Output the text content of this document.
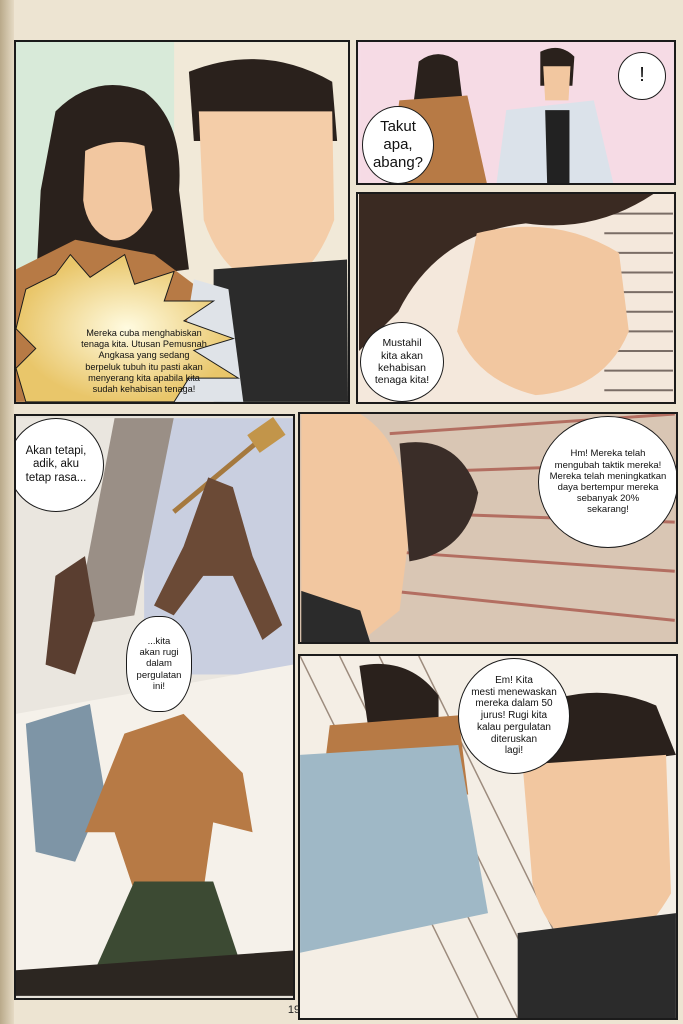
Mereka cuba menghabiskan
tenaga kita. Utusan Pemusnah
Angkasa yang sedang
berpeluk tubuh itu pasti akan
menyerang kita apabila kita
sudah kehabisan tenaga!
Takut
apa,
abang?
!
Mustahil
kita akan
kehabisan
tenaga kita!
Akan tetapi,
adik, aku
tetap rasa...
...kita
akan rugi
dalam
pergulatan
ini!
Hm! Mereka telah
mengubah taktik mereka!
Mereka telah meningkatkan
daya bertempur mereka
sebanyak 20%
sekarang!
Em! Kita
mesti menewaskan
mereka dalam 50
jurus! Rugi kita
kalau pergulatan
diteruskan
lagi!
19
